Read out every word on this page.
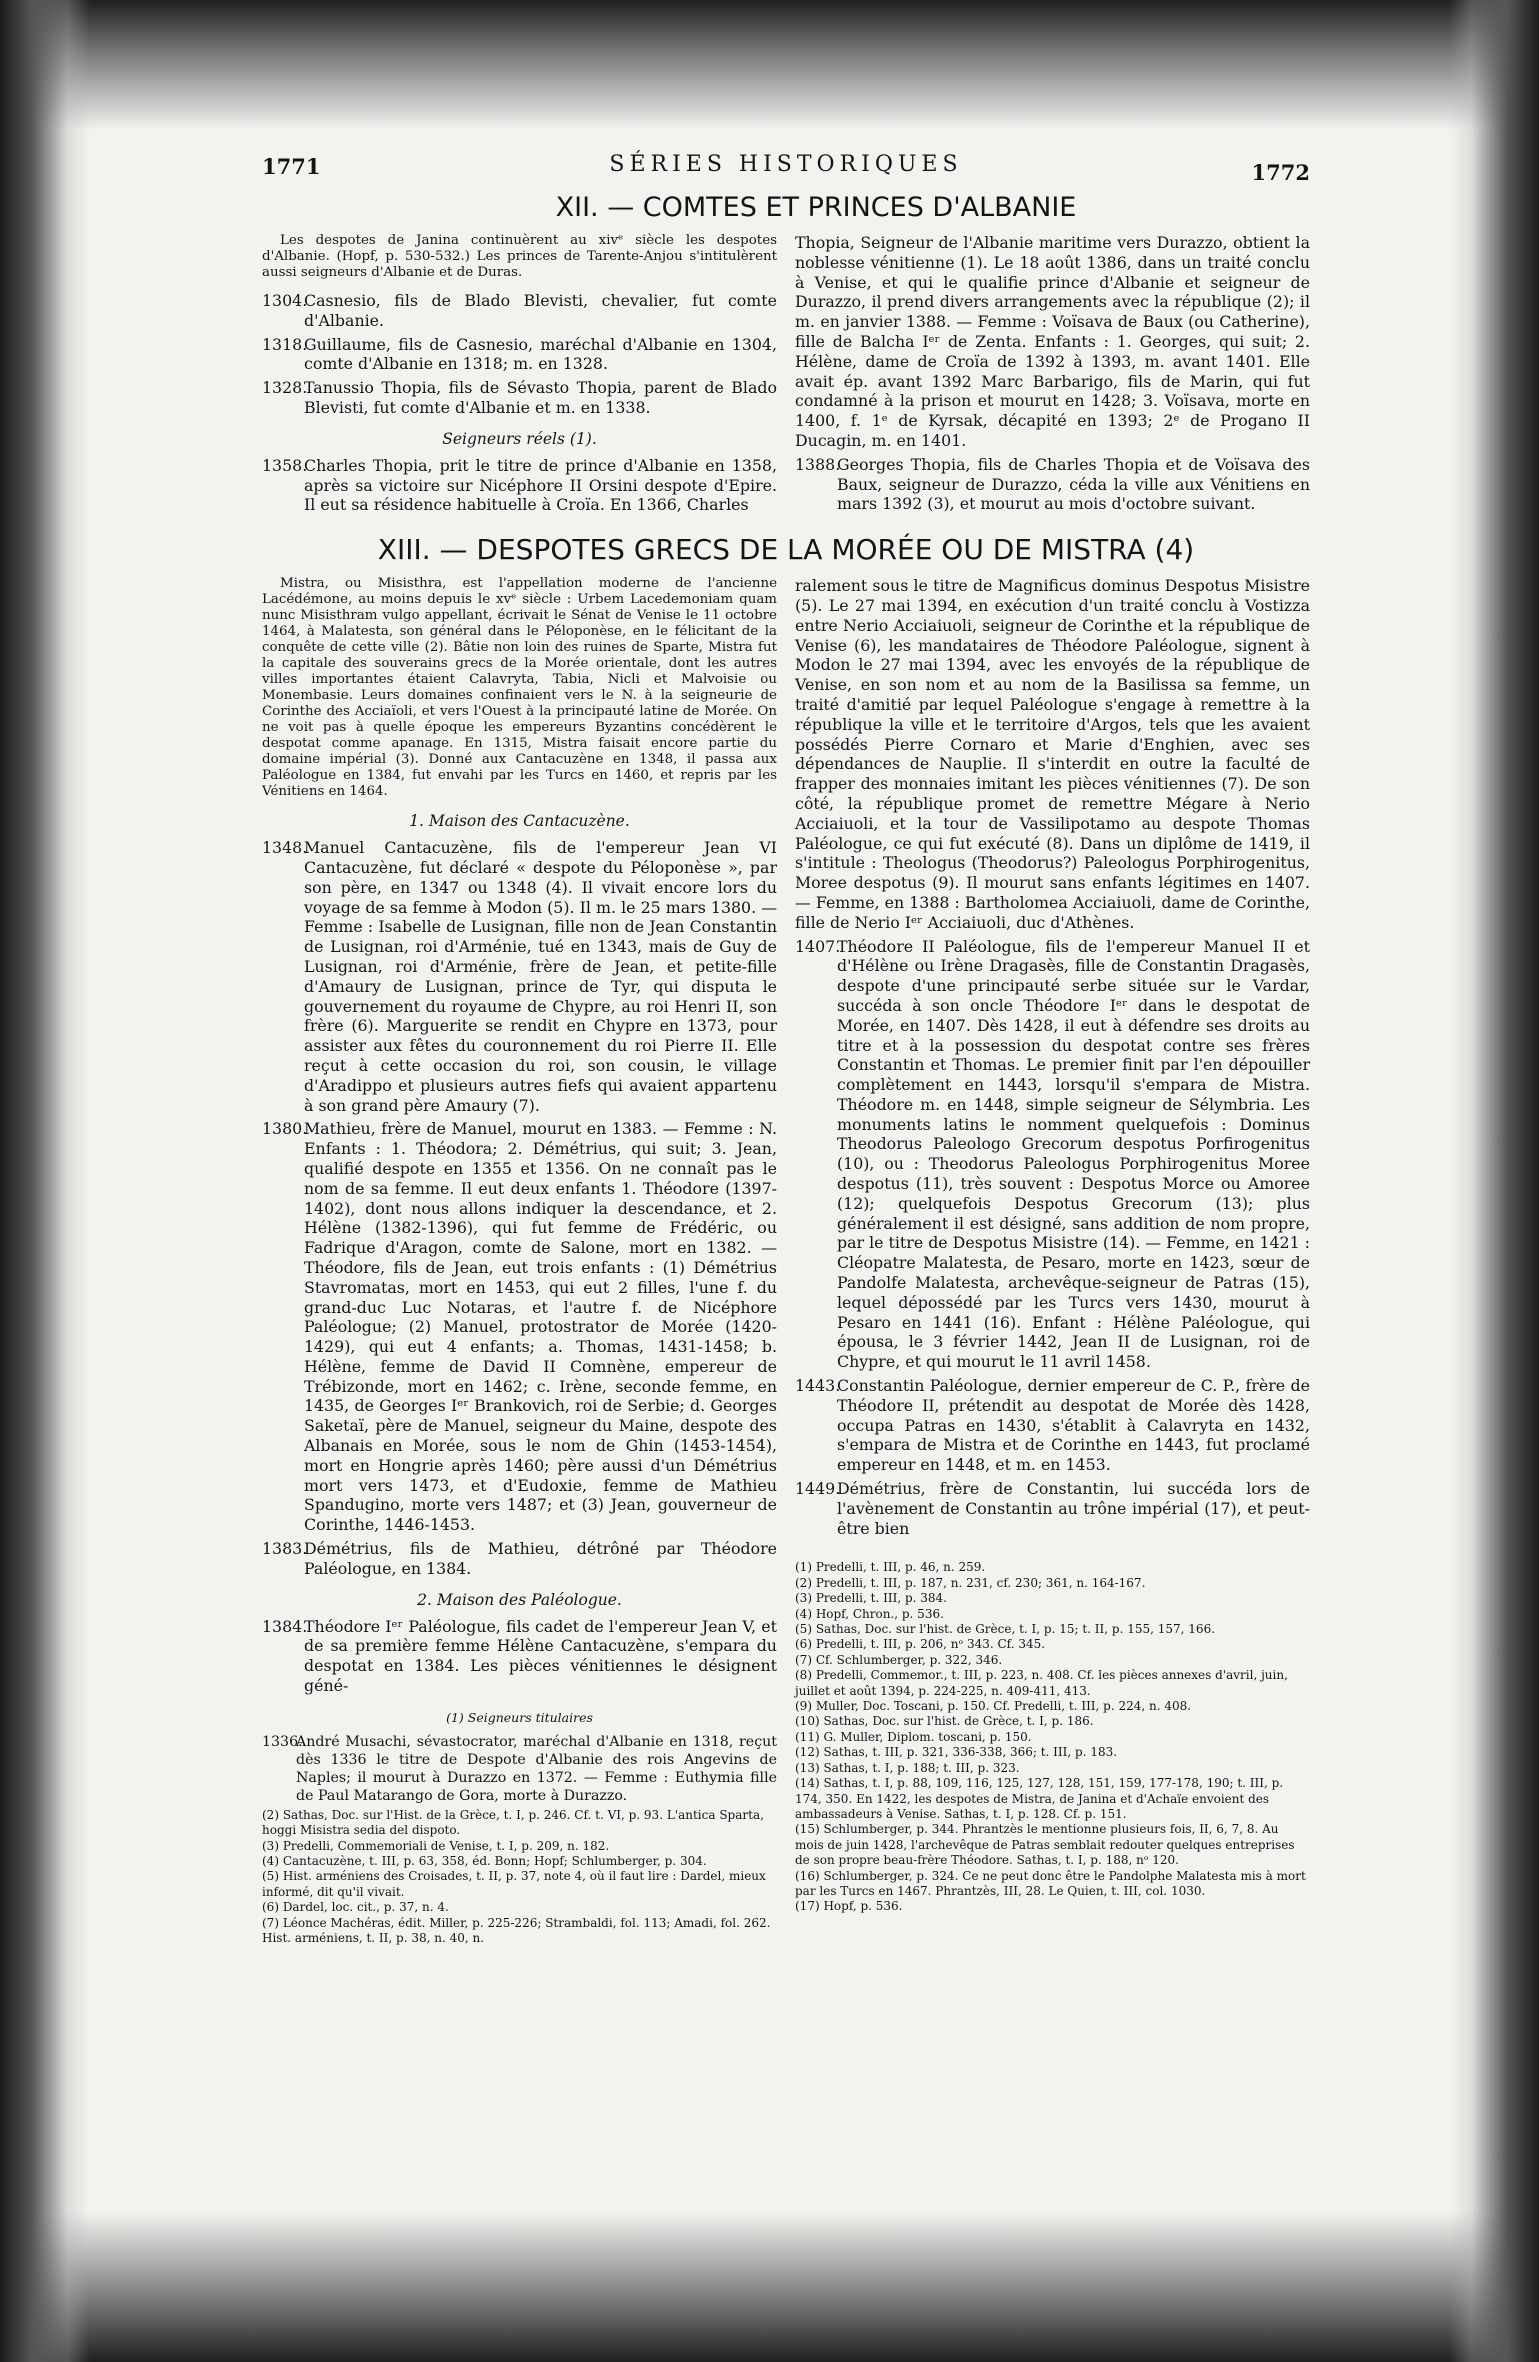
1771	SÉRIES HISTORIQUES	1772
XII. — COMTES ET PRINCES D'ALBANIE

Les despotes de Janina continuèrent au xivᵉ siècle les despotes d'Albanie. (Hopf, p. 530-532.) Les princes de Tarente-Anjou s'intitulèrent aussi seigneurs d'Albanie et de Duras.

1304.
Casnesio, fils de Blado Blevisti, chevalier, fut comte d'Albanie.
1318.
Guillaume, fils de Casnesio, maréchal d'Albanie en 1304, comte d'Albanie en 1318; m. en 1328.
1328.
Tanussio Thopia, fils de Sévasto Thopia, parent de Blado Blevisti, fut comte d'Albanie et m. en 1338.
Seigneurs réels (1).
1358.
Charles Thopia, prit le titre de prince d'Albanie en 1358, après sa victoire sur Nicéphore II Orsini despote d'Epire. Il eut sa résidence habituelle à Croïa. En 1366, Charles

Thopia, Seigneur de l'Albanie maritime vers Durazzo, obtient la noblesse vénitienne (1). Le 18 août 1386, dans un traité conclu à Venise, et qui le qualifie prince d'Albanie et seigneur de Durazzo, il prend divers arrangements avec la république (2); il m. en janvier 1388. — Femme : Voïsava de Baux (ou Catherine), fille de Balcha Iᵉʳ de Zenta. Enfants : 1. Georges, qui suit; 2. Hélène, dame de Croïa de 1392 à 1393, m. avant 1401. Elle avait ép. avant 1392 Marc Barbarigo, fils de Marin, qui fut condamné à la prison et mourut en 1428; 3. Voïsava, morte en 1400, f. 1ᵉ de Kyrsak, décapité en 1393; 2ᵉ de Progano II Ducagin, m. en 1401.

1388.
Georges Thopia, fils de Charles Thopia et de Voïsava des Baux, seigneur de Durazzo, céda la ville aux Vénitiens en mars 1392 (3), et mourut au mois d'octobre suivant.
XIII. — DESPOTES GRECS DE LA MORÉE OU DE MISTRA (4)

Mistra, ou Misisthra, est l'appellation moderne de l'ancienne Lacédémone, au moins depuis le xvᵉ siècle : Urbem Lacedemoniam quam nunc Misisthram vulgo appellant, écrivait le Sénat de Venise le 11 octobre 1464, à Malatesta, son général dans le Péloponèse, en le félicitant de la conquête de cette ville (2). Bâtie non loin des ruines de Sparte, Mistra fut la capitale des souverains grecs de la Morée orientale, dont les autres villes importantes étaient Calavryta, Tabia, Nicli et Malvoisie ou Monembasie. Leurs domaines confinaient vers le N. à la seigneurie de Corinthe des Acciaïoli, et vers l'Ouest à la principauté latine de Morée. On ne voit pas à quelle époque les empereurs Byzantins concédèrent le despotat comme apanage. En 1315, Mistra faisait encore partie du domaine impérial (3). Donné aux Cantacuzène en 1348, il passa aux Paléologue en 1384, fut envahi par les Turcs en 1460, et repris par les Vénitiens en 1464.

1. Maison des Cantacuzène.
1348.
Manuel Cantacuzène, fils de l'empereur Jean VI Cantacuzène, fut déclaré « despote du Péloponèse », par son père, en 1347 ou 1348 (4). Il vivait encore lors du voyage de sa femme à Modon (5). Il m. le 25 mars 1380. — Femme : Isabelle de Lusignan, fille non de Jean Constantin de Lusignan, roi d'Arménie, tué en 1343, mais de Guy de Lusignan, roi d'Arménie, frère de Jean, et petite-fille d'Amaury de Lusignan, prince de Tyr, qui disputa le gouvernement du royaume de Chypre, au roi Henri II, son frère (6). Marguerite se rendit en Chypre en 1373, pour assister aux fêtes du couronnement du roi Pierre II. Elle reçut à cette occasion du roi, son cousin, le village d'Aradippo et plusieurs autres fiefs qui avaient appartenu à son grand père Amaury (7).
1380.
Mathieu, frère de Manuel, mourut en 1383. — Femme : N. Enfants : 1. Théodora; 2. Démétrius, qui suit; 3. Jean, qualifié despote en 1355 et 1356. On ne connaît pas le nom de sa femme. Il eut deux enfants 1. Théodore (1397-1402), dont nous allons indiquer la descendance, et 2. Hélène (1382-1396), qui fut femme de Frédéric, ou Fadrique d'Aragon, comte de Salone, mort en 1382. — Théodore, fils de Jean, eut trois enfants : (1) Démétrius Stavromatas, mort en 1453, qui eut 2 filles, l'une f. du grand-duc Luc Notaras, et l'autre f. de Nicéphore Paléologue; (2) Manuel, protostrator de Morée (1420-1429), qui eut 4 enfants; a. Thomas, 1431-1458; b. Hélène, femme de David II Comnène, empereur de Trébizonde, mort en 1462; c. Irène, seconde femme, en 1435, de Georges Iᵉʳ Brankovich, roi de Serbie; d. Georges Saketaï, père de Manuel, seigneur du Maine, despote des Albanais en Morée, sous le nom de Ghin (1453-1454), mort en Hongrie après 1460; père aussi d'un Démétrius mort vers 1473, et d'Eudoxie, femme de Mathieu Spandugino, morte vers 1487; et (3) Jean, gouverneur de Corinthe, 1446-1453.
1383.
Démétrius, fils de Mathieu, détrôné par Théodore Paléologue, en 1384.
2. Maison des Paléologue.
1384.
Théodore Iᵉʳ Paléologue, fils cadet de l'empereur Jean V, et de sa première femme Hélène Cantacuzène, s'empara du despotat en 1384. Les pièces vénitiennes le désignent géné-
(1) Seigneurs titulaires
1336.
André Musachi, sévastocrator, maréchal d'Albanie en 1318, reçut dès 1336 le titre de Despote d'Albanie des rois Angevins de Naples; il mourut à Durazzo en 1372. — Femme : Euthymia fille de Paul Matarango de Gora, morte à Durazzo.
(2) Sathas, Doc. sur l'Hist. de la Grèce, t. I, p. 246. Cf. t. VI, p. 93. L'antica Sparta, hoggi Misistra sedia del dispoto.
(3) Predelli, Commemoriali de Venise, t. I, p. 209, n. 182.
(4) Cantacuzène, t. III, p. 63, 358, éd. Bonn; Hopf; Schlumberger, p. 304.
(5) Hist. arméniens des Croisades, t. II, p. 37, note 4, où il faut lire : Dardel, mieux informé, dit qu'il vivait.
(6) Dardel, loc. cit., p. 37, n. 4.
(7) Léonce Machéras, édit. Miller, p. 225-226; Strambaldi, fol. 113; Amadi, fol. 262. Hist. arméniens, t. II, p. 38, n. 40, n.

ralement sous le titre de Magnificus dominus Despotus Misistre (5). Le 27 mai 1394, en exécution d'un traité conclu à Vostizza entre Nerio Acciaiuoli, seigneur de Corinthe et la république de Venise (6), les mandataires de Théodore Paléologue, signent à Modon le 27 mai 1394, avec les envoyés de la république de Venise, en son nom et au nom de la Basilissa sa femme, un traité d'amitié par lequel Paléologue s'engage à remettre à la république la ville et le territoire d'Argos, tels que les avaient possédés Pierre Cornaro et Marie d'Enghien, avec ses dépendances de Nauplie. Il s'interdit en outre la faculté de frapper des monnaies imitant les pièces vénitiennes (7). De son côté, la république promet de remettre Mégare à Nerio Acciaiuoli, et la tour de Vassilipotamo au despote Thomas Paléologue, ce qui fut exécuté (8). Dans un diplôme de 1419, il s'intitule : Theologus (Theodorus?) Paleologus Porphirogenitus, Moree despotus (9). Il mourut sans enfants légitimes en 1407. — Femme, en 1388 : Bartholomea Acciaiuoli, dame de Corinthe, fille de Nerio Iᵉʳ Acciaiuoli, duc d'Athènes.

1407.
Théodore II Paléologue, fils de l'empereur Manuel II et d'Hélène ou Irène Dragasès, fille de Constantin Dragasès, despote d'une principauté serbe située sur le Vardar, succéda à son oncle Théodore Iᵉʳ dans le despotat de Morée, en 1407. Dès 1428, il eut à défendre ses droits au titre et à la possession du despotat contre ses frères Constantin et Thomas. Le premier finit par l'en dépouiller complètement en 1443, lorsqu'il s'empara de Mistra. Théodore m. en 1448, simple seigneur de Sélymbria. Les monuments latins le nomment quelquefois : Dominus Theodorus Paleologo Grecorum despotus Porfirogenitus (10), ou : Theodorus Paleologus Porphirogenitus Moree despotus (11), très souvent : Despotus Morce ou Amoree (12); quelquefois Despotus Grecorum (13); plus généralement il est désigné, sans addition de nom propre, par le titre de Despotus Misistre (14). — Femme, en 1421 : Cléopatre Malatesta, de Pesaro, morte en 1423, sœur de Pandolfe Malatesta, archevêque-seigneur de Patras (15), lequel dépossédé par les Turcs vers 1430, mourut à Pesaro en 1441 (16). Enfant : Hélène Paléologue, qui épousa, le 3 février 1442, Jean II de Lusignan, roi de Chypre, et qui mourut le 11 avril 1458.
1443.
Constantin Paléologue, dernier empereur de C. P., frère de Théodore II, prétendit au despotat de Morée dès 1428, occupa Patras en 1430, s'établit à Calavryta en 1432, s'empara de Mistra et de Corinthe en 1443, fut proclamé empereur en 1448, et m. en 1453.
1449.
Démétrius, frère de Constantin, lui succéda lors de l'avènement de Constantin au trône impérial (17), et peut-être bien
(1) Predelli, t. III, p. 46, n. 259.
(2) Predelli, t. III, p. 187, n. 231, cf. 230; 361, n. 164-167.
(3) Predelli, t. III, p. 384.
(4) Hopf, Chron., p. 536.
(5) Sathas, Doc. sur l'hist. de Grèce, t. I, p. 15; t. II, p. 155, 157, 166.
(6) Predelli, t. III, p. 206, nᵒ 343. Cf. 345.
(7) Cf. Schlumberger, p. 322, 346.
(8) Predelli, Commemor., t. III, p. 223, n. 408. Cf. les pièces annexes d'avril, juin, juillet et août 1394, p. 224-225, n. 409-411, 413.
(9) Muller, Doc. Toscani, p. 150. Cf. Predelli, t. III, p. 224, n. 408.
(10) Sathas, Doc. sur l'hist. de Grèce, t. I, p. 186.
(11) G. Muller, Diplom. toscani, p. 150.
(12) Sathas, t. III, p. 321, 336-338, 366; t. III, p. 183.
(13) Sathas, t. I, p. 188; t. III, p. 323.
(14) Sathas, t. I, p. 88, 109, 116, 125, 127, 128, 151, 159, 177-178, 190; t. III, p. 174, 350. En 1422, les despotes de Mistra, de Janina et d'Achaïe envoient des ambassadeurs à Venise. Sathas, t. I, p. 128. Cf. p. 151.
(15) Schlumberger, p. 344. Phrantzès le mentionne plusieurs fois, II, 6, 7, 8. Au mois de juin 1428, l'archevêque de Patras semblait redouter quelques entreprises de son propre beau-frère Théodore. Sathas, t. I, p. 188, nᵒ 120.
(16) Schlumberger, p. 324. Ce ne peut donc être le Pandolphe Malatesta mis à mort par les Turcs en 1467. Phrantzès, III, 28. Le Quien, t. III, col. 1030.
(17) Hopf, p. 536.
